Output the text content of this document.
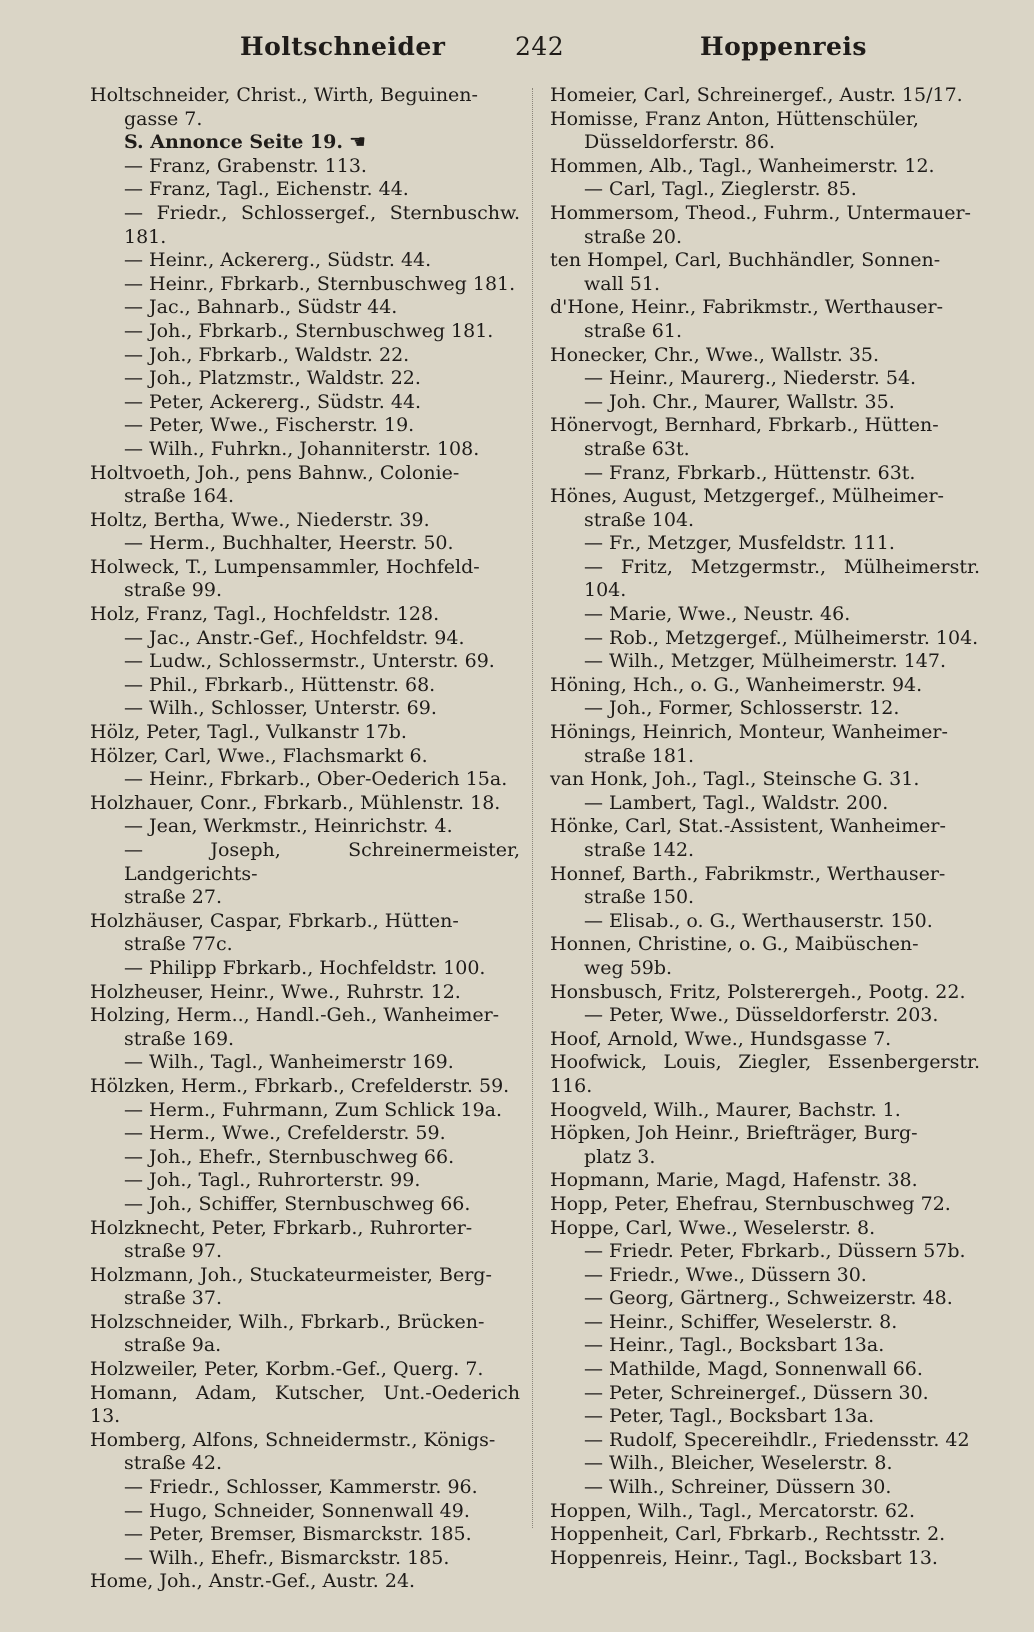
Holtschneider	242	Hoppenreis
Holtschneider, Christ., Wirth, Beguinen-
gasse 7.
S. Annonce Seite 19. ☚
— Franz, Grabenstr. 113.
— Franz, Tagl., Eichenstr. 44.
— Friedr., Schlossergef., Sternbuschw. 181.
— Heinr., Ackererg., Südstr. 44.
— Heinr., Fbrkarb., Sternbuschweg 181.
— Jac., Bahnarb., Südstr 44.
— Joh., Fbrkarb., Sternbuschweg 181.
— Joh., Fbrkarb., Waldstr. 22.
— Joh., Platzmstr., Waldstr. 22.
— Peter, Ackererg., Südstr. 44.
— Peter, Wwe., Fischerstr. 19.
— Wilh., Fuhrkn., Johanniterstr. 108.
Holtvoeth, Joh., pens Bahnw., Colonie-
straße 164.
Holtz, Bertha, Wwe., Niederstr. 39.
— Herm., Buchhalter, Heerstr. 50.
Holweck, T., Lumpensammler, Hochfeld-
straße 99.
Holz, Franz, Tagl., Hochfeldstr. 128.
— Jac., Anstr.-Gef., Hochfeldstr. 94.
— Ludw., Schlossermstr., Unterstr. 69.
— Phil., Fbrkarb., Hüttenstr. 68.
— Wilh., Schlosser, Unterstr. 69.
Hölz, Peter, Tagl., Vulkanstr 17b.
Hölzer, Carl, Wwe., Flachsmarkt 6.
— Heinr., Fbrkarb., Ober-Oederich 15a.
Holzhauer, Conr., Fbrkarb., Mühlenstr. 18.
— Jean, Werkmstr., Heinrichstr. 4.
— Joseph, Schreinermeister, Landgerichts-
straße 27.
Holzhäuser, Caspar, Fbrkarb., Hütten-
straße 77c.
— Philipp Fbrkarb., Hochfeldstr. 100.
Holzheuser, Heinr., Wwe., Ruhrstr. 12.
Holzing, Herm.., Handl.-Geh., Wanheimer-
straße 169.
— Wilh., Tagl., Wanheimerstr 169.
Hölzken, Herm., Fbrkarb., Crefelderstr. 59.
— Herm., Fuhrmann, Zum Schlick 19a.
— Herm., Wwe., Crefelderstr. 59.
— Joh., Ehefr., Sternbuschweg 66.
— Joh., Tagl., Ruhrorterstr. 99.
— Joh., Schiffer, Sternbuschweg 66.
Holzknecht, Peter, Fbrkarb., Ruhrorter-
straße 97.
Holzmann, Joh., Stuckateurmeister, Berg-
straße 37.
Holzschneider, Wilh., Fbrkarb., Brücken-
straße 9a.
Holzweiler, Peter, Korbm.-Gef., Querg. 7.
Homann, Adam, Kutscher, Unt.-Oederich 13.
Homberg, Alfons, Schneidermstr., Königs-
straße 42.
— Friedr., Schlosser, Kammerstr. 96.
— Hugo, Schneider, Sonnenwall 49.
— Peter, Bremser, Bismarckstr. 185.
— Wilh., Ehefr., Bismarckstr. 185.
Home, Joh., Anstr.-Gef., Austr. 24.
Homeier, Carl, Schreinergef., Austr. 15/17.
Homisse, Franz Anton, Hüttenschüler,
Düsseldorferstr. 86.
Hommen, Alb., Tagl., Wanheimerstr. 12.
— Carl, Tagl., Zieglerstr. 85.
Hommersom, Theod., Fuhrm., Untermauer-
straße 20.
ten Hompel, Carl, Buchhändler, Sonnen-
wall 51.
d'Hone, Heinr., Fabrikmstr., Werthauser-
straße 61.
Honecker, Chr., Wwe., Wallstr. 35.
— Heinr., Maurerg., Niederstr. 54.
— Joh. Chr., Maurer, Wallstr. 35.
Hönervogt, Bernhard, Fbrkarb., Hütten-
straße 63t.
— Franz, Fbrkarb., Hüttenstr. 63t.
Hönes, August, Metzgergef., Mülheimer-
straße 104.
— Fr., Metzger, Musfeldstr. 111.
— Fritz, Metzgermstr., Mülheimerstr. 104.
— Marie, Wwe., Neustr. 46.
— Rob., Metzgergef., Mülheimerstr. 104.
— Wilh., Metzger, Mülheimerstr. 147.
Höning, Hch., o. G., Wanheimerstr. 94.
— Joh., Former, Schlosserstr. 12.
Hönings, Heinrich, Monteur, Wanheimer-
straße 181.
van Honk, Joh., Tagl., Steinsche G. 31.
— Lambert, Tagl., Waldstr. 200.
Hönke, Carl, Stat.-Assistent, Wanheimer-
straße 142.
Honnef, Barth., Fabrikmstr., Werthauser-
straße 150.
— Elisab., o. G., Werthauserstr. 150.
Honnen, Christine, o. G., Maibüschen-
weg 59b.
Honsbusch, Fritz, Polsterergeh., Pootg. 22.
— Peter, Wwe., Düsseldorferstr. 203.
Hoof, Arnold, Wwe., Hundsgasse 7.
Hoofwick, Louis, Ziegler, Essenbergerstr. 116.
Hoogveld, Wilh., Maurer, Bachstr. 1.
Höpken, Joh Heinr., Briefträger, Burg-
platz 3.
Hopmann, Marie, Magd, Hafenstr. 38.
Hopp, Peter, Ehefrau, Sternbuschweg 72.
Hoppe, Carl, Wwe., Weselerstr. 8.
— Friedr. Peter, Fbrkarb., Düssern 57b.
— Friedr., Wwe., Düssern 30.
— Georg, Gärtnerg., Schweizerstr. 48.
— Heinr., Schiffer, Weselerstr. 8.
— Heinr., Tagl., Bocksbart 13a.
— Mathilde, Magd, Sonnenwall 66.
— Peter, Schreinergef., Düssern 30.
— Peter, Tagl., Bocksbart 13a.
— Rudolf, Specereihdlr., Friedensstr. 42
— Wilh., Bleicher, Weselerstr. 8.
— Wilh., Schreiner, Düssern 30.
Hoppen, Wilh., Tagl., Mercatorstr. 62.
Hoppenheit, Carl, Fbrkarb., Rechtsstr. 2.
Hoppenreis, Heinr., Tagl., Bocksbart 13.
